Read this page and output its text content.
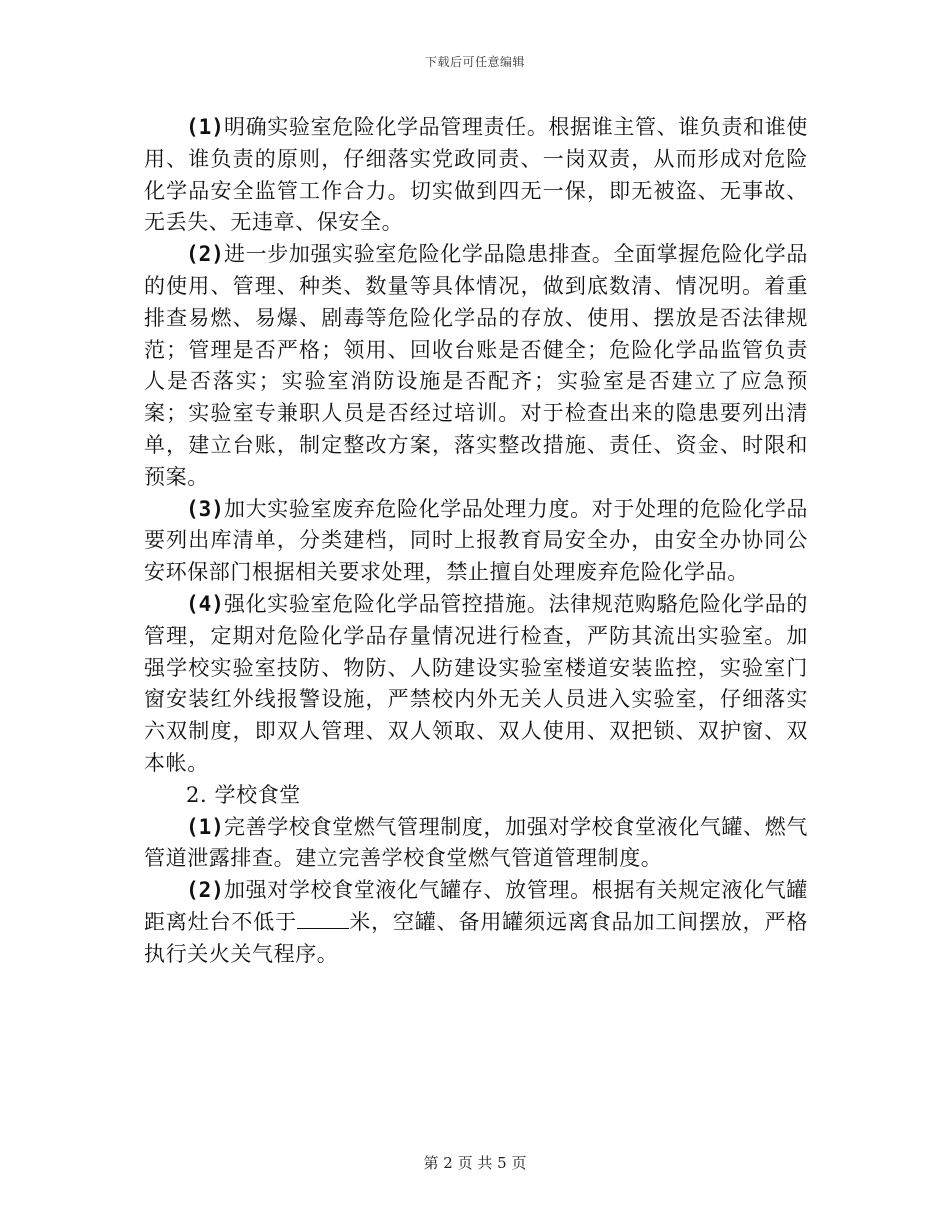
下载后可任意编辑

(1)明确实验室危险化学品管理责任。根据谁主管、谁负责和谁使用、谁负责的原则，仔细落实党政同责、一岗双责，从而形成对危险化学品安全监管工作合力。切实做到四无一保，即无被盗、无事故、无丢失、无违章、保安全。

(2)进一步加强实验室危险化学品隐患排查。全面掌握危险化学品的使用、管理、种类、数量等具体情况，做到底数清、情况明。着重排查易燃、易爆、剧毒等危险化学品的存放、使用、摆放是否法律规范；管理是否严格；领用、回收台账是否健全；危险化学品监管负责人是否落实；实验室消防设施是否配齐；实验室是否建立了应急预案；实验室专兼职人员是否经过培训。对于检查出来的隐患要列出清单，建立台账，制定整改方案，落实整改措施、责任、资金、时限和预案。

(3)加大实验室废弃危险化学品处理力度。对于处理的危险化学品要列出库清单，分类建档，同时上报教育局安全办，由安全办协同公安环保部门根据相关要求处理，禁止擅自处理废弃危险化学品。

(4)强化实验室危险化学品管控措施。法律规范购駱危险化学品的管理，定期对危险化学品存量情况进行检查，严防其流出实验室。加强学校实验室技防、物防、人防建设实验室楼道安装监控，实验室门窗安装红外线报警设施，严禁校内外无关人员进入实验室，仔细落实六双制度，即双人管理、双人领取、双人使用、双把锁、双护窗、双本帐。

2. 学校食堂

(1)完善学校食堂燃气管理制度，加强对学校食堂液化气罐、燃气管道泄露排查。建立完善学校食堂燃气管道管理制度。

(2)加强对学校食堂液化气罐存、放管理。根据有关规定液化气罐距离灶台不低于 米，空罐、备用罐须远离食品加工间摆放，严格执行关火关气程序。

第 2 页 共 5 页
